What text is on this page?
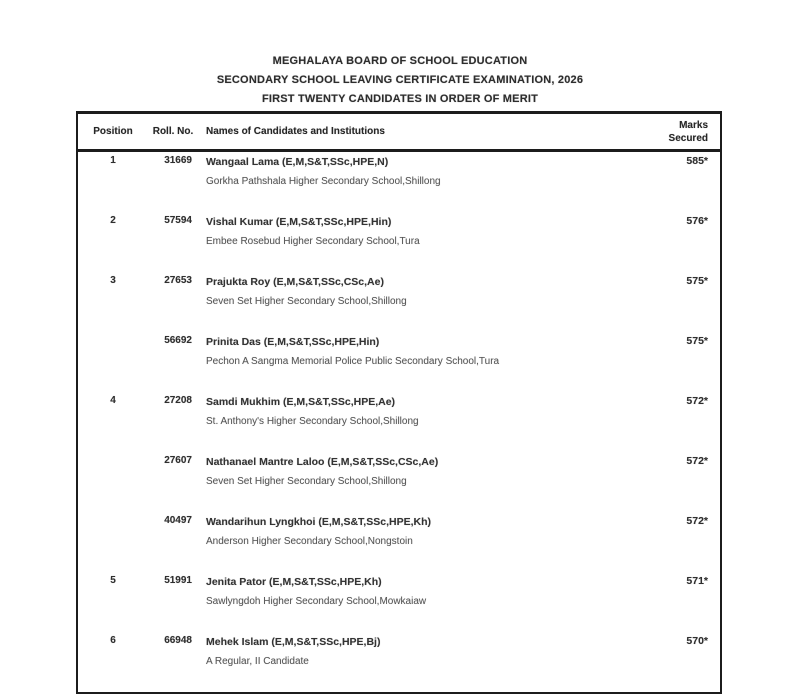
MEGHALAYA BOARD OF SCHOOL EDUCATION
SECONDARY SCHOOL LEAVING CERTIFICATE EXAMINATION, 2026
FIRST TWENTY CANDIDATES IN ORDER OF MERIT
Position	Roll. No.	Names of Candidates and Institutions
Marks
Secured
1	31669	Wangaal Lama (E,M,S&T,SSc,HPE,N)
Gorkha Pathshala Higher Secondary School,Shillong
585*
2	57594	Vishal Kumar (E,M,S&T,SSc,HPE,Hin)
Embee Rosebud Higher Secondary School,Tura
576*
3	27653	Prajukta Roy (E,M,S&T,SSc,CSc,Ae)
Seven Set Higher Secondary School,Shillong
575*
56692	Prinita Das (E,M,S&T,SSc,HPE,Hin)
Pechon A Sangma Memorial Police Public Secondary School,Tura
575*
4	27208	Samdi Mukhim (E,M,S&T,SSc,HPE,Ae)
St. Anthony's Higher Secondary School,Shillong
572*
27607	Nathanael Mantre Laloo (E,M,S&T,SSc,CSc,Ae)
Seven Set Higher Secondary School,Shillong
572*
40497	Wandarihun Lyngkhoi (E,M,S&T,SSc,HPE,Kh)
Anderson Higher Secondary School,Nongstoin
572*
5	51991	Jenita Pator (E,M,S&T,SSc,HPE,Kh)
Sawlyngdoh Higher Secondary School,Mowkaiaw
571*
6	66948	Mehek Islam (E,M,S&T,SSc,HPE,Bj)
A Regular, II Candidate
570*
